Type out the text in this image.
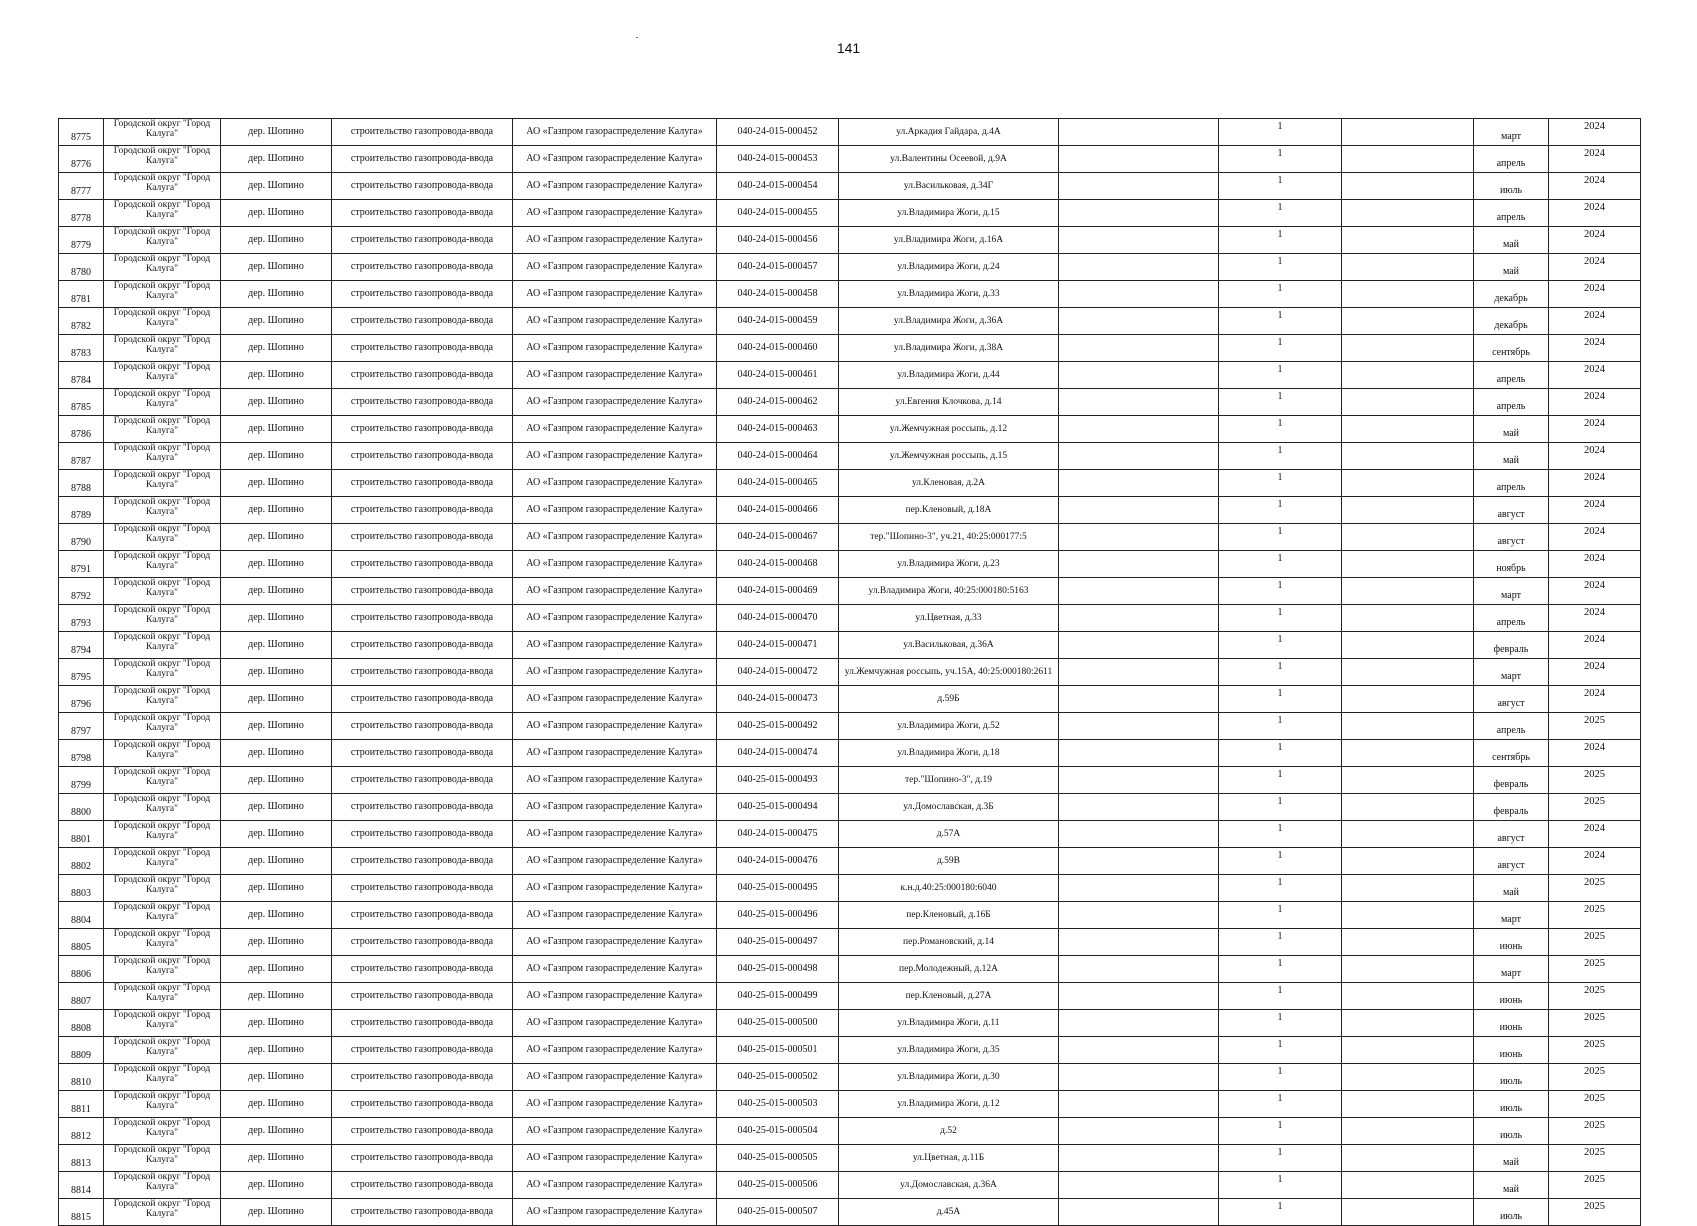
141
8775	Городской округ "Город Калуга"	дер. Шопино	строительство газопровода-ввода	АО «Газпром газораспределение Калуга»	040-24-015-000452	ул.Аркадия Гайдара, д.4А		1		март	2024
8776	Городской округ "Город Калуга"	дер. Шопино	строительство газопровода-ввода	АО «Газпром газораспределение Калуга»	040-24-015-000453	ул.Валентины Осеевой, д.9А		1		апрель	2024
8777	Городской округ "Город Калуга"	дер. Шопино	строительство газопровода-ввода	АО «Газпром газораспределение Калуга»	040-24-015-000454	ул.Васильковая, д.34Г		1		июль	2024
8778	Городской округ "Город Калуга"	дер. Шопино	строительство газопровода-ввода	АО «Газпром газораспределение Калуга»	040-24-015-000455	ул.Владимира Жоги, д.15		1		апрель	2024
8779	Городской округ "Город Калуга"	дер. Шопино	строительство газопровода-ввода	АО «Газпром газораспределение Калуга»	040-24-015-000456	ул.Владимира Жоги, д.16А		1		май	2024
8780	Городской округ "Город Калуга"	дер. Шопино	строительство газопровода-ввода	АО «Газпром газораспределение Калуга»	040-24-015-000457	ул.Владимира Жоги, д.24		1		май	2024
8781	Городской округ "Город Калуга"	дер. Шопино	строительство газопровода-ввода	АО «Газпром газораспределение Калуга»	040-24-015-000458	ул.Владимира Жоги, д.33		1		декабрь	2024
8782	Городской округ "Город Калуга"	дер. Шопино	строительство газопровода-ввода	АО «Газпром газораспределение Калуга»	040-24-015-000459	ул.Владимира Жоги, д.36А		1		декабрь	2024
8783	Городской округ "Город Калуга"	дер. Шопино	строительство газопровода-ввода	АО «Газпром газораспределение Калуга»	040-24-015-000460	ул.Владимира Жоги, д.38А		1		сентябрь	2024
8784	Городской округ "Город Калуга"	дер. Шопино	строительство газопровода-ввода	АО «Газпром газораспределение Калуга»	040-24-015-000461	ул.Владимира Жоги, д.44		1		апрель	2024
8785	Городской округ "Город Калуга"	дер. Шопино	строительство газопровода-ввода	АО «Газпром газораспределение Калуга»	040-24-015-000462	ул.Евгения Клочкова, д.14		1		апрель	2024
8786	Городской округ "Город Калуга"	дер. Шопино	строительство газопровода-ввода	АО «Газпром газораспределение Калуга»	040-24-015-000463	ул.Жемчужная россыпь, д.12		1		май	2024
8787	Городской округ "Город Калуга"	дер. Шопино	строительство газопровода-ввода	АО «Газпром газораспределение Калуга»	040-24-015-000464	ул.Жемчужная россыпь, д.15		1		май	2024
8788	Городской округ "Город Калуга"	дер. Шопино	строительство газопровода-ввода	АО «Газпром газораспределение Калуга»	040-24-015-000465	ул.Кленовая, д.2А		1		апрель	2024
8789	Городской округ "Город Калуга"	дер. Шопино	строительство газопровода-ввода	АО «Газпром газораспределение Калуга»	040-24-015-000466	пер.Кленовый, д.18А		1		август	2024
8790	Городской округ "Город Калуга"	дер. Шопино	строительство газопровода-ввода	АО «Газпром газораспределение Калуга»	040-24-015-000467	тер."Шопино-3", уч.21, 40:25:000177:5		1		август	2024
8791	Городской округ "Город Калуга"	дер. Шопино	строительство газопровода-ввода	АО «Газпром газораспределение Калуга»	040-24-015-000468	ул.Владимира Жоги, д.23		1		ноябрь	2024
8792	Городской округ "Город Калуга"	дер. Шопино	строительство газопровода-ввода	АО «Газпром газораспределение Калуга»	040-24-015-000469	ул.Владимира Жоги, 40:25:000180:5163		1		март	2024
8793	Городской округ "Город Калуга"	дер. Шопино	строительство газопровода-ввода	АО «Газпром газораспределение Калуга»	040-24-015-000470	ул.Цветная, д.33		1		апрель	2024
8794	Городской округ "Город Калуга"	дер. Шопино	строительство газопровода-ввода	АО «Газпром газораспределение Калуга»	040-24-015-000471	ул.Васильковая, д.36А		1		февраль	2024
8795	Городской округ "Город Калуга"	дер. Шопино	строительство газопровода-ввода	АО «Газпром газораспределение Калуга»	040-24-015-000472	ул.Жемчужная россыпь, уч.15А, 40:25:000180:2611		1		март	2024
8796	Городской округ "Город Калуга"	дер. Шопино	строительство газопровода-ввода	АО «Газпром газораспределение Калуга»	040-24-015-000473	д.59Б		1		август	2024
8797	Городской округ "Город Калуга"	дер. Шопино	строительство газопровода-ввода	АО «Газпром газораспределение Калуга»	040-25-015-000492	ул.Владимира Жоги, д.52		1		апрель	2025
8798	Городской округ "Город Калуга"	дер. Шопино	строительство газопровода-ввода	АО «Газпром газораспределение Калуга»	040-24-015-000474	ул.Владимира Жоги, д.18		1		сентябрь	2024
8799	Городской округ "Город Калуга"	дер. Шопино	строительство газопровода-ввода	АО «Газпром газораспределение Калуга»	040-25-015-000493	тер."Шопино-3", д.19		1		февраль	2025
8800	Городской округ "Город Калуга"	дер. Шопино	строительство газопровода-ввода	АО «Газпром газораспределение Калуга»	040-25-015-000494	ул.Домославская, д.3Б		1		февраль	2025
8801	Городской округ "Город Калуга"	дер. Шопино	строительство газопровода-ввода	АО «Газпром газораспределение Калуга»	040-24-015-000475	д.57А		1		август	2024
8802	Городской округ "Город Калуга"	дер. Шопино	строительство газопровода-ввода	АО «Газпром газораспределение Калуга»	040-24-015-000476	д.59В		1		август	2024
8803	Городской округ "Город Калуга"	дер. Шопино	строительство газопровода-ввода	АО «Газпром газораспределение Калуга»	040-25-015-000495	к.н.д.40:25:000180:6040		1		май	2025
8804	Городской округ "Город Калуга"	дер. Шопино	строительство газопровода-ввода	АО «Газпром газораспределение Калуга»	040-25-015-000496	пер.Кленовый, д.16Б		1		март	2025
8805	Городской округ "Город Калуга"	дер. Шопино	строительство газопровода-ввода	АО «Газпром газораспределение Калуга»	040-25-015-000497	пер.Романовский, д.14		1		июнь	2025
8806	Городской округ "Город Калуга"	дер. Шопино	строительство газопровода-ввода	АО «Газпром газораспределение Калуга»	040-25-015-000498	пер.Молодежный, д.12А		1		март	2025
8807	Городской округ "Город Калуга"	дер. Шопино	строительство газопровода-ввода	АО «Газпром газораспределение Калуга»	040-25-015-000499	пер.Кленовый, д.27А		1		июнь	2025
8808	Городской округ "Город Калуга"	дер. Шопино	строительство газопровода-ввода	АО «Газпром газораспределение Калуга»	040-25-015-000500	ул.Владимира Жоги, д.11		1		июнь	2025
8809	Городской округ "Город Калуга"	дер. Шопино	строительство газопровода-ввода	АО «Газпром газораспределение Калуга»	040-25-015-000501	ул.Владимира Жоги, д.35		1		июнь	2025
8810	Городской округ "Город Калуга"	дер. Шопино	строительство газопровода-ввода	АО «Газпром газораспределение Калуга»	040-25-015-000502	ул.Владимира Жоги, д.30		1		июль	2025
8811	Городской округ "Город Калуга"	дер. Шопино	строительство газопровода-ввода	АО «Газпром газораспределение Калуга»	040-25-015-000503	ул.Владимира Жоги, д.12		1		июль	2025
8812	Городской округ "Город Калуга"	дер. Шопино	строительство газопровода-ввода	АО «Газпром газораспределение Калуга»	040-25-015-000504	д.52		1		июль	2025
8813	Городской округ "Город Калуга"	дер. Шопино	строительство газопровода-ввода	АО «Газпром газораспределение Калуга»	040-25-015-000505	ул.Цветная, д.11Б		1		май	2025
8814	Городской округ "Город Калуга"	дер. Шопино	строительство газопровода-ввода	АО «Газпром газораспределение Калуга»	040-25-015-000506	ул.Домославская, д.36А		1		май	2025
8815	Городской округ "Город Калуга"	дер. Шопино	строительство газопровода-ввода	АО «Газпром газораспределение Калуга»	040-25-015-000507	д.45А		1		июль	2025
